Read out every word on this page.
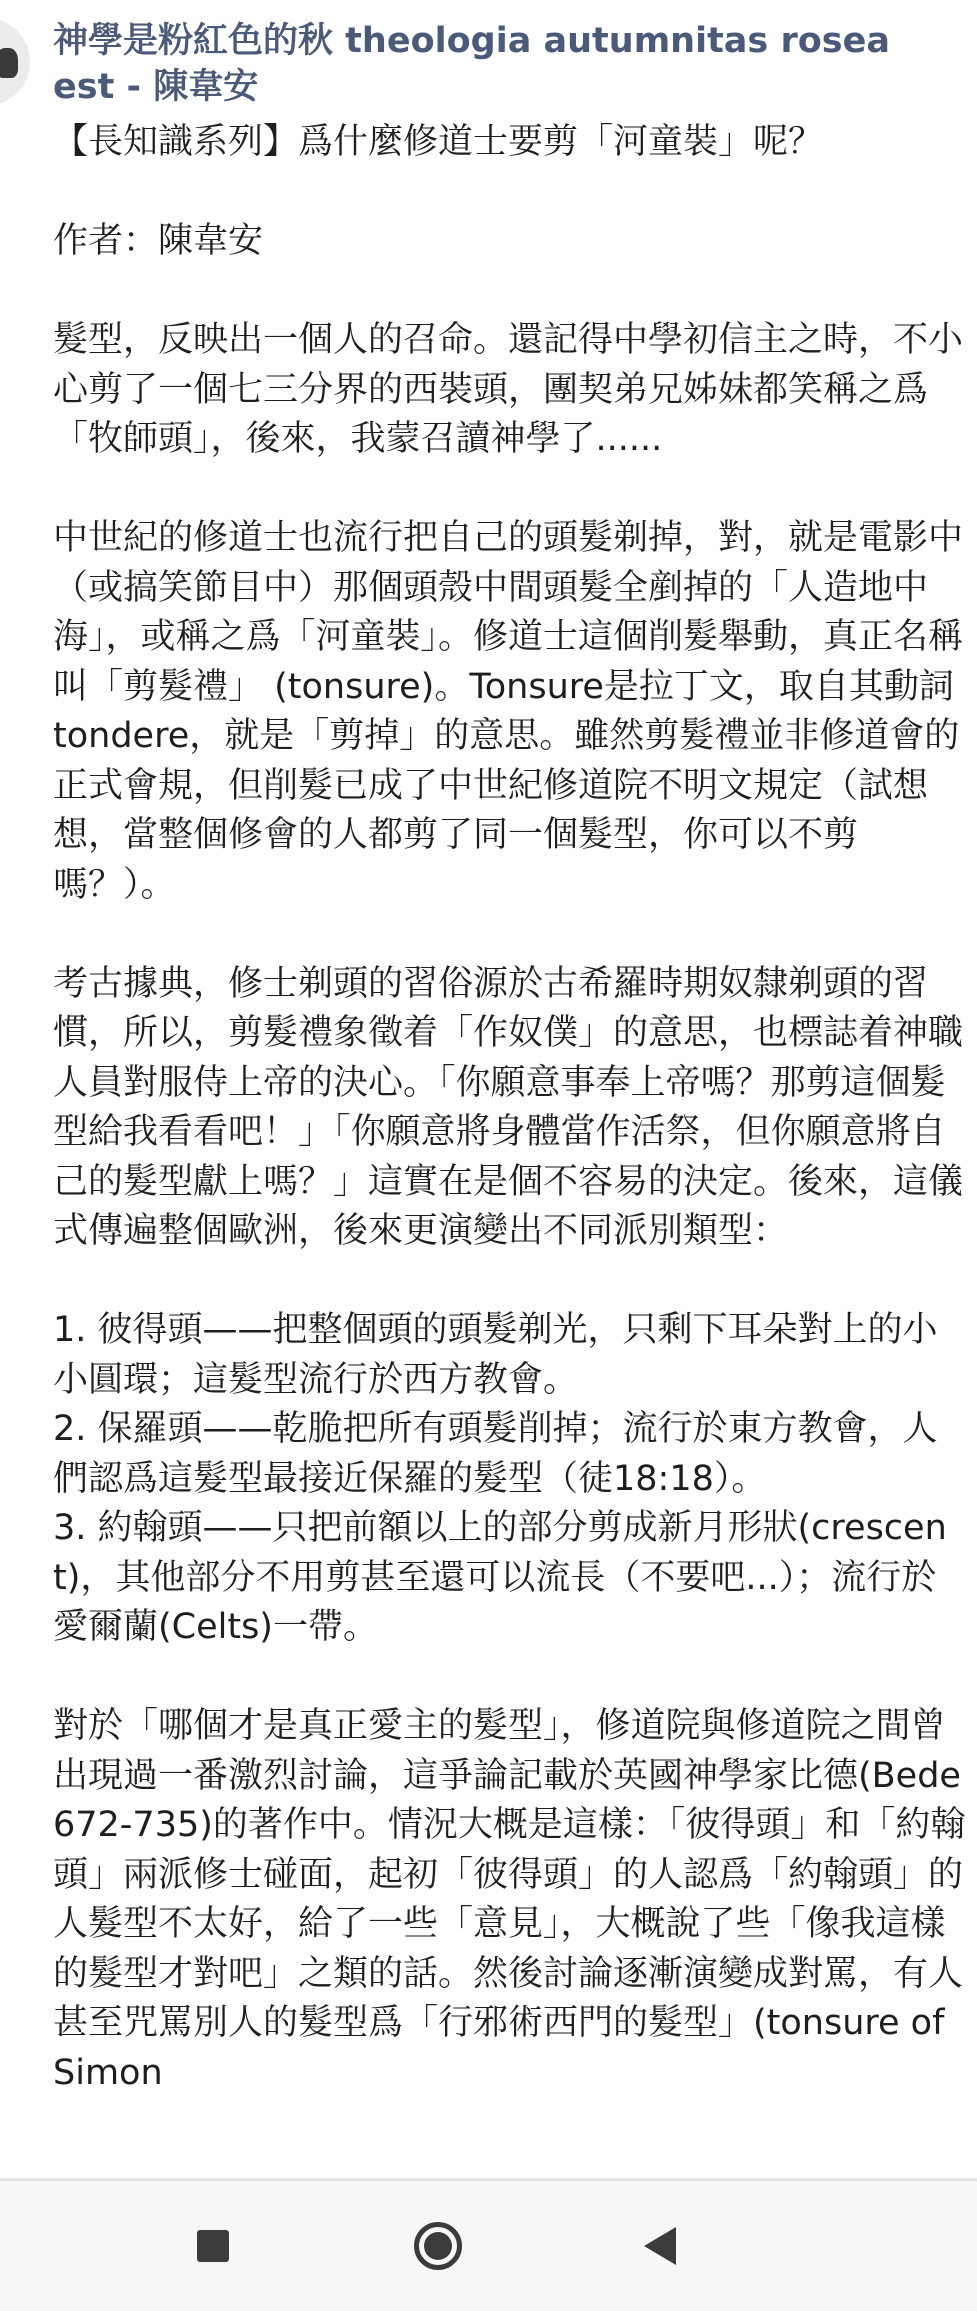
神學是粉紅色的秋 theologia autumnitas rosea est - 陳韋安

【長知識系列】爲什麼修道士要剪「河童裝」呢？

作者：陳韋安

髮型，反映出一個人的召命。還記得中學初信主之時，不小心剪了一個七三分界的西裝頭，團契弟兄姊妹都笑稱之爲「牧師頭」，後來，我蒙召讀神學了......

中世紀的修道士也流行把自己的頭髮剃掉，對，就是電影中（或搞笑節目中）那個頭殼中間頭髮全剷掉的「人造地中海」，或稱之爲「河童裝」。修道士這個削髮舉動，真正名稱叫「剪髮禮」 (tonsure)。Tonsure是拉丁文，取自其動詞 tondere，就是「剪掉」的意思。雖然剪髮禮並非修道會的正式會規，但削髮已成了中世紀修道院不明文規定（試想想，當整個修會的人都剪了同一個髮型，你可以不剪嗎？）。

考古據典，修士剃頭的習俗源於古希羅時期奴隸剃頭的習慣，所以，剪髮禮象徵着「作奴僕」的意思，也標誌着神職人員對服侍上帝的決心。「你願意事奉上帝嗎？那剪這個髮型給我看看吧！」「你願意將身體當作活祭，但你願意將自己的髮型獻上嗎？」這實在是個不容易的決定。後來，這儀式傳遍整個歐洲，後來更演變出不同派別類型：

1. 彼得頭——把整個頭的頭髮剃光，只剩下耳朵對上的小小圓環；這髮型流行於西方教會。
2. 保羅頭——乾脆把所有頭髮削掉；流行於東方教會，人們認爲這髮型最接近保羅的髮型（徒18:18）。
3. 約翰頭——只把前額以上的部分剪成新月形狀(crescent)，其他部分不用剪甚至還可以流長（不要吧...）；流行於愛爾蘭(Celts)一帶。

對於「哪個才是真正愛主的髮型」，修道院與修道院之間曾出現過一番激烈討論，這爭論記載於英國神學家比德(Bede 672-735)的著作中。情況大概是這樣：「彼得頭」和「約翰頭」兩派修士碰面，起初「彼得頭」的人認爲「約翰頭」的人髮型不太好，給了一些「意見」，大概說了些「像我這樣的髮型才對吧」之類的話。然後討論逐漸演變成對罵，有人甚至咒罵別人的髮型爲「行邪術西門的髮型」(tonsure of Simon
